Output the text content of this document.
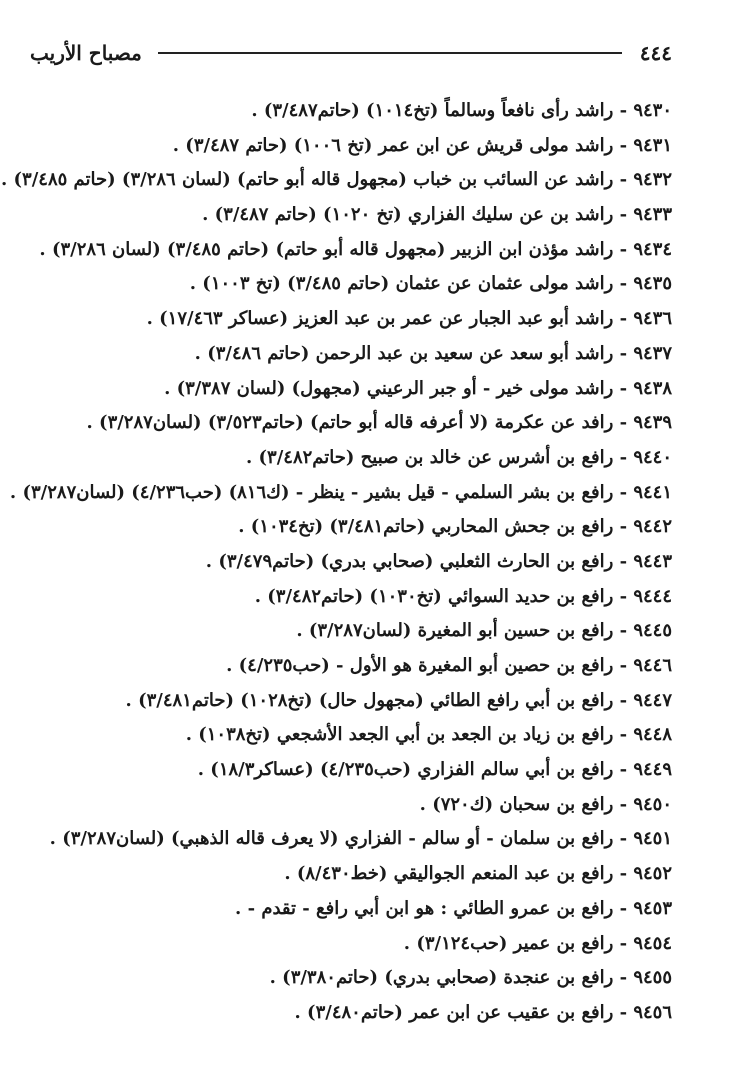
٤٤٤
مصباح الأريب
٩٤٣٠ - راشد رأى نافعاً وسالماً (تخ١٠١٤) (حاتم٣/٤٨٧) .
٩٤٣١ - راشد مولى قريش عن ابن عمر (تخ ١٠٠٦) (حاتم ٣/٤٨٧) .
٩٤٣٢ - راشد عن السائب بن خباب (مجهول قاله أبو حاتم) (لسان ٣/٢٨٦) (حاتم ٣/٤٨٥) .
٩٤٣٣ - راشد بن عن سليك الفزاري (تخ ١٠٢٠) (حاتم ٣/٤٨٧) .
٩٤٣٤ - راشد مؤذن ابن الزبير (مجهول قاله أبو حاتم) (حاتم ٣/٤٨٥) (لسان ٣/٢٨٦) .
٩٤٣٥ - راشد مولى عثمان عن عثمان (حاتم ٣/٤٨٥) (تخ ١٠٠٣) .
٩٤٣٦ - راشد أبو عبد الجبار عن عمر بن عبد العزيز (عساكر ١٧/٤٦٣) .
٩٤٣٧ - راشد أبو سعد عن سعيد بن عبد الرحمن (حاتم ٣/٤٨٦) .
٩٤٣٨ - راشد مولى خير - أو جبر الرعيني (مجهول) (لسان ٣/٣٨٧) .
٩٤٣٩ - رافد عن عكرمة (لا أعرفه قاله أبو حاتم) (حاتم٣/٥٢٣) (لسان٣/٢٨٧) .
٩٤٤٠ - رافع بن أشرس عن خالد بن صبيح (حاتم٣/٤٨٢) .
٩٤٤١ - رافع بن بشر السلمي - قيل بشير - ينظر - (ك٨١٦) (حب٤/٢٣٦) (لسان٣/٢٨٧) .
٩٤٤٢ - رافع بن جحش المحاربي (حاتم٣/٤٨١) (تخ١٠٣٤) .
٩٤٤٣ - رافع بن الحارث الثعلبي (صحابي بدري) (حاتم٣/٤٧٩) .
٩٤٤٤ - رافع بن حديد السوائي (تخ١٠٣٠) (حاتم٣/٤٨٢) .
٩٤٤٥ - رافع بن حسين أبو المغيرة (لسان٣/٢٨٧) .
٩٤٤٦ - رافع بن حصين أبو المغيرة هو الأول - (حب٤/٢٣٥) .
٩٤٤٧ - رافع بن أبي رافع الطائي (مجهول حال) (تخ١٠٢٨) (حاتم٣/٤٨١) .
٩٤٤٨ - رافع بن زياد بن الجعد بن أبي الجعد الأشجعي (تخ١٠٣٨) .
٩٤٤٩ - رافع بن أبي سالم الفزاري (حب٤/٢٣٥) (عساكر١٨/٣) .
٩٤٥٠ - رافع بن سحبان (ك٧٢٠) .
٩٤٥١ - رافع بن سلمان - أو سالم - الفزاري (لا يعرف قاله الذهبي) (لسان٣/٢٨٧) .
٩٤٥٢ - رافع بن عبد المنعم الجواليقي (خط٨/٤٣٠) .
٩٤٥٣ - رافع بن عمرو الطائي : هو ابن أبي رافع - تقدم - .
٩٤٥٤ - رافع بن عمير (حب٣/١٢٤) .
٩٤٥٥ - رافع بن عنجدة (صحابي بدري) (حاتم٣/٣٨٠) .
٩٤٥٦ - رافع بن عقيب عن ابن عمر (حاتم٣/٤٨٠) .
